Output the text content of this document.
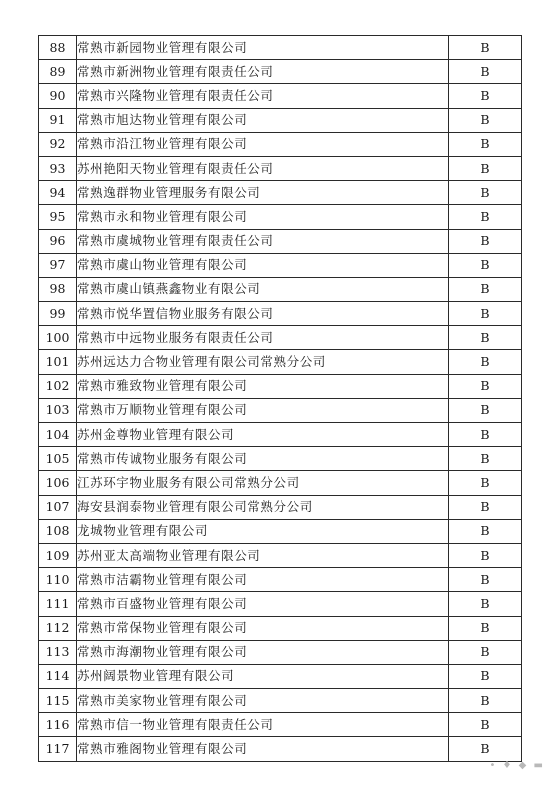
88	常熟市新园物业管理有限公司	B
89	常熟市新洲物业管理有限责任公司	B
90	常熟市兴隆物业管理有限责任公司	B
91	常熟市旭达物业管理有限公司	B
92	常熟市沿江物业管理有限公司	B
93	苏州艳阳天物业管理有限责任公司	B
94	常熟逸群物业管理服务有限公司	B
95	常熟市永和物业管理有限公司	B
96	常熟市虞城物业管理有限责任公司	B
97	常熟市虞山物业管理有限公司	B
98	常熟市虞山镇燕鑫物业有限公司	B
99	常熟市悦华置信物业服务有限公司	B
100	常熟市中远物业服务有限责任公司	B
101	苏州远达力合物业管理有限公司常熟分公司	B
102	常熟市雅致物业管理有限公司	B
103	常熟市万顺物业管理有限公司	B
104	苏州金尊物业管理有限公司	B
105	常熟市传诚物业服务有限公司	B
106	江苏环宇物业服务有限公司常熟分公司	B
107	海安县润泰物业管理有限公司常熟分公司	B
108	龙城物业管理有限公司	B
109	苏州亚太高端物业管理有限公司	B
110	常熟市洁霸物业管理有限公司	B
111	常熟市百盛物业管理有限公司	B
112	常熟市常保物业管理有限公司	B
113	常熟市海潮物业管理有限公司	B
114	苏州阔景物业管理有限公司	B
115	常熟市美家物业管理有限公司	B
116	常熟市信一物业管理有限责任公司	B
117	常熟市雅阁物业管理有限公司	B
• ♦ ◆ ▬
